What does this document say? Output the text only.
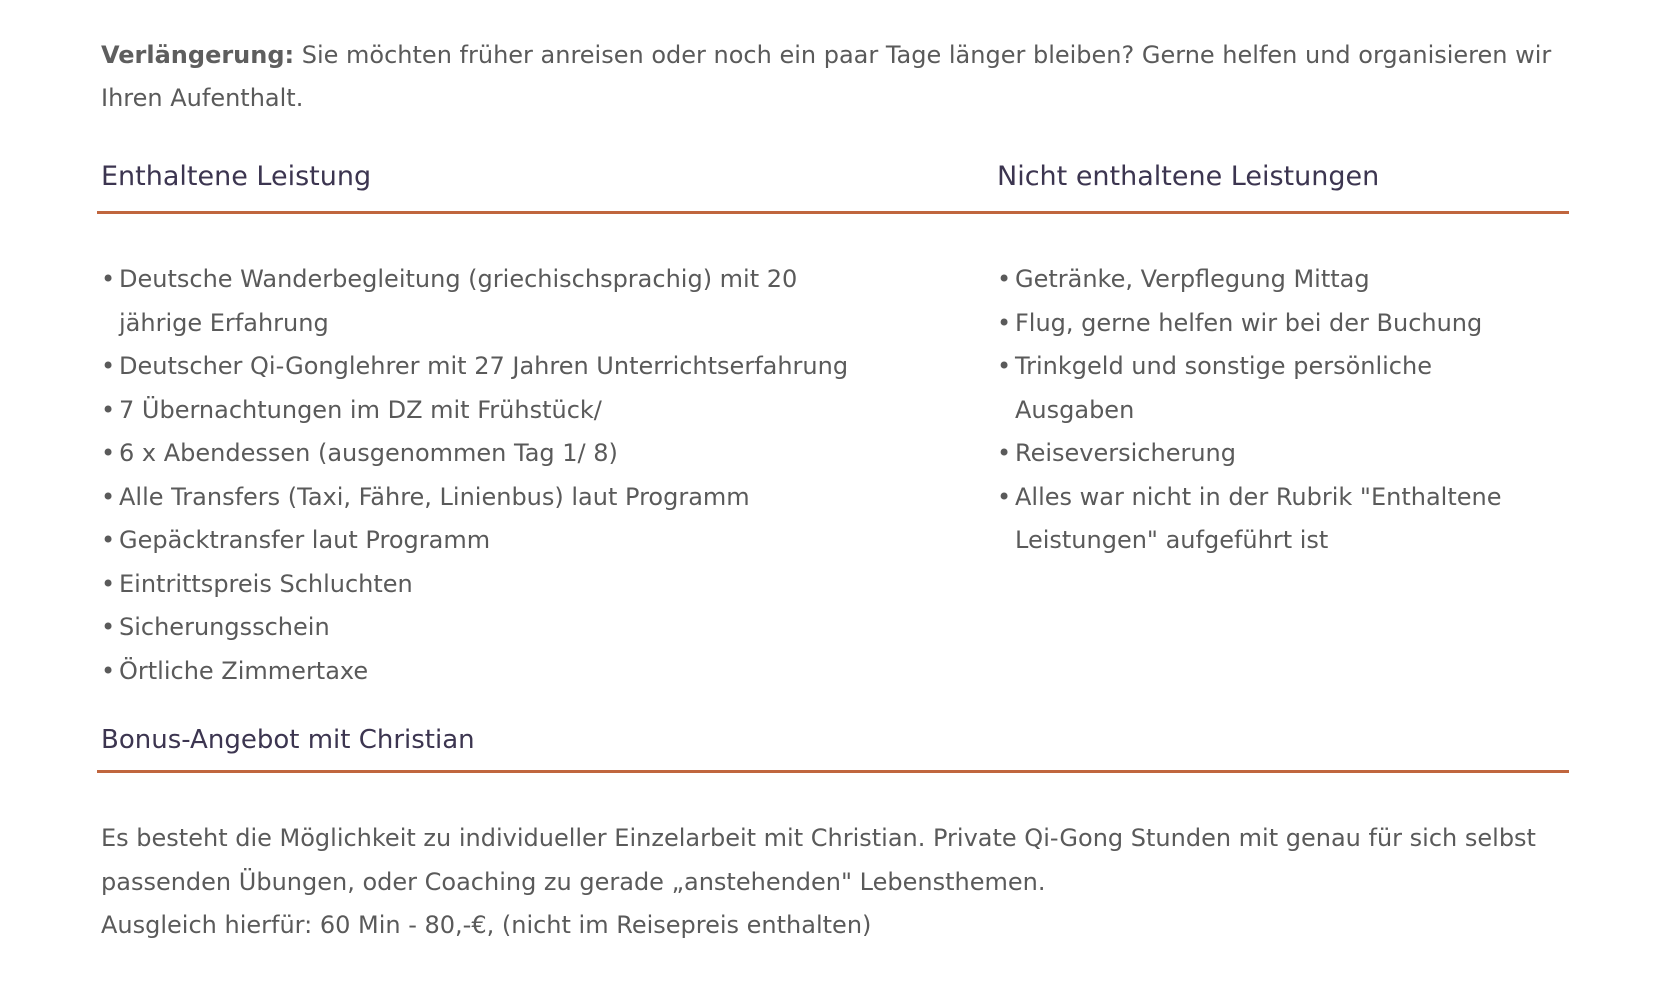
Verlängerung: Sie möchten früher anreisen oder noch ein paar Tage länger bleiben? Gerne helfen und organisieren wir Ihren Aufenthalt.

Enthaltene Leistung	Nicht enthaltene Leistungen
• Deutsche Wanderbegleitung (griechischsprachig) mit 20 jährige Erfahrung
• Deutscher Qi-Gonglehrer mit 27 Jahren Unterrichtserfahrung
• 7 Übernachtungen im DZ mit Frühstück/
• 6 x Abendessen (ausgenommen Tag 1/ 8)
• Alle Transfers (Taxi, Fähre, Linienbus) laut Programm
• Gepäcktransfer laut Programm
• Eintrittspreis Schluchten
• Sicherungsschein
• Örtliche Zimmertaxe
• Getränke, Verpflegung Mittag
• Flug, gerne helfen wir bei der Buchung
• Trinkgeld und sonstige persönliche Ausgaben
• Reiseversicherung
• Alles war nicht in der Rubrik "Enthaltene Leistungen" aufgeführt ist
Bonus-Angebot mit Christian

Es besteht die Möglichkeit zu individueller Einzelarbeit mit Christian. Private Qi-Gong Stunden mit genau für sich selbst passenden Übungen, oder Coaching zu gerade „anstehenden" Lebensthemen.
Ausgleich hierfür: 60 Min - 80,-€, (nicht im Reisepreis enthalten)
